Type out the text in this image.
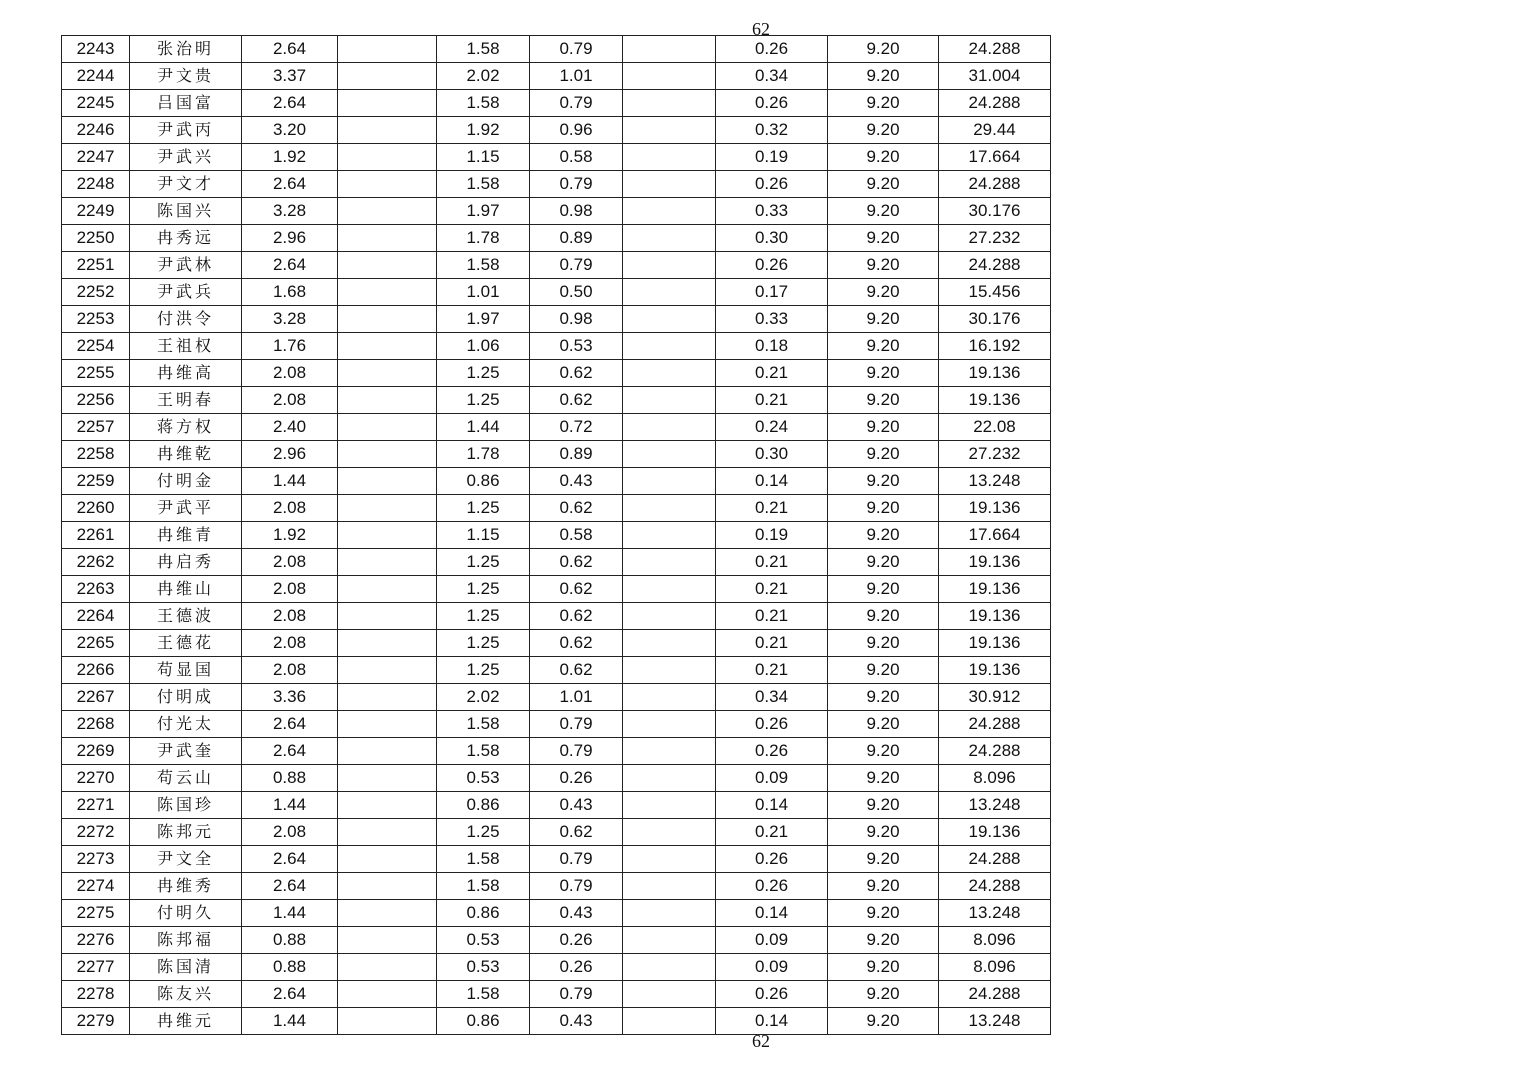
62
2243	张治明	2.64		1.58	0.79		0.26	9.20	24.288
2244	尹文贵	3.37		2.02	1.01		0.34	9.20	31.004
2245	吕国富	2.64		1.58	0.79		0.26	9.20	24.288
2246	尹武丙	3.20		1.92	0.96		0.32	9.20	29.44
2247	尹武兴	1.92		1.15	0.58		0.19	9.20	17.664
2248	尹文才	2.64		1.58	0.79		0.26	9.20	24.288
2249	陈国兴	3.28		1.97	0.98		0.33	9.20	30.176
2250	冉秀远	2.96		1.78	0.89		0.30	9.20	27.232
2251	尹武林	2.64		1.58	0.79		0.26	9.20	24.288
2252	尹武兵	1.68		1.01	0.50		0.17	9.20	15.456
2253	付洪令	3.28		1.97	0.98		0.33	9.20	30.176
2254	王祖权	1.76		1.06	0.53		0.18	9.20	16.192
2255	冉维高	2.08		1.25	0.62		0.21	9.20	19.136
2256	王明春	2.08		1.25	0.62		0.21	9.20	19.136
2257	蒋方权	2.40		1.44	0.72		0.24	9.20	22.08
2258	冉维乾	2.96		1.78	0.89		0.30	9.20	27.232
2259	付明金	1.44		0.86	0.43		0.14	9.20	13.248
2260	尹武平	2.08		1.25	0.62		0.21	9.20	19.136
2261	冉维青	1.92		1.15	0.58		0.19	9.20	17.664
2262	冉启秀	2.08		1.25	0.62		0.21	9.20	19.136
2263	冉维山	2.08		1.25	0.62		0.21	9.20	19.136
2264	王德波	2.08		1.25	0.62		0.21	9.20	19.136
2265	王德花	2.08		1.25	0.62		0.21	9.20	19.136
2266	苟显国	2.08		1.25	0.62		0.21	9.20	19.136
2267	付明成	3.36		2.02	1.01		0.34	9.20	30.912
2268	付光太	2.64		1.58	0.79		0.26	9.20	24.288
2269	尹武奎	2.64		1.58	0.79		0.26	9.20	24.288
2270	苟云山	0.88		0.53	0.26		0.09	9.20	8.096
2271	陈国珍	1.44		0.86	0.43		0.14	9.20	13.248
2272	陈邦元	2.08		1.25	0.62		0.21	9.20	19.136
2273	尹文全	2.64		1.58	0.79		0.26	9.20	24.288
2274	冉维秀	2.64		1.58	0.79		0.26	9.20	24.288
2275	付明久	1.44		0.86	0.43		0.14	9.20	13.248
2276	陈邦福	0.88		0.53	0.26		0.09	9.20	8.096
2277	陈国清	0.88		0.53	0.26		0.09	9.20	8.096
2278	陈友兴	2.64		1.58	0.79		0.26	9.20	24.288
2279	冉维元	1.44		0.86	0.43		0.14	9.20	13.248
62
